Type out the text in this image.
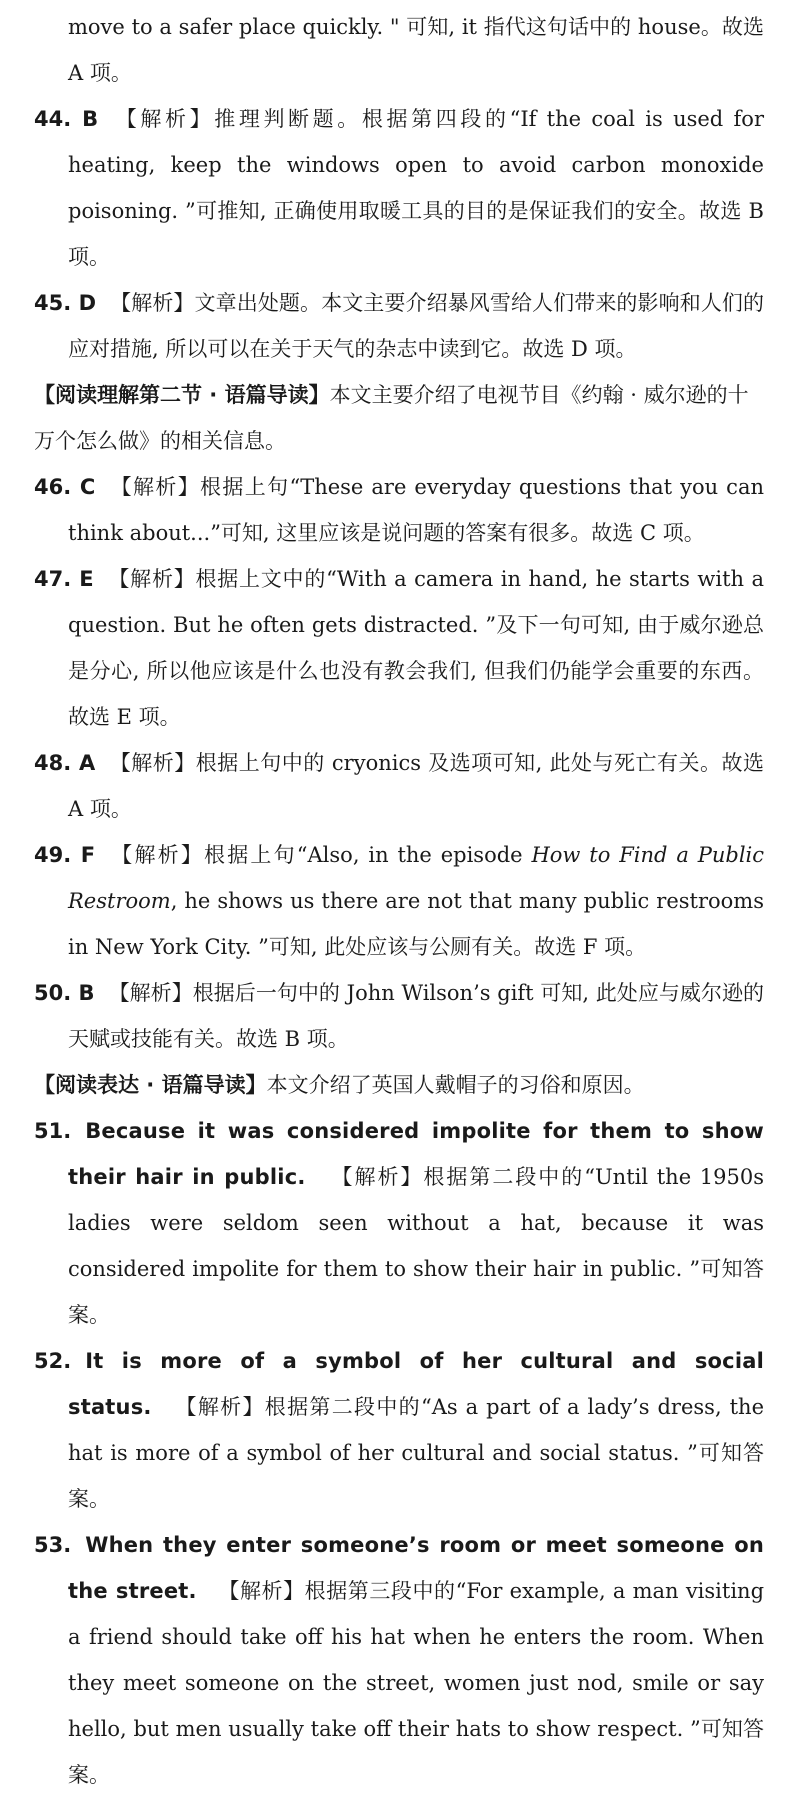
move to a safer place quickly. " 可知, it 指代这句话中的 house。故选 A 项。
44. B 【解析】推理判断题。根据第四段的“If the coal is used for heating, keep the windows open to avoid carbon monoxide poisoning. ”可推知, 正确使用取暖工具的目的是保证我们的安全。故选 B 项。
45. D 【解析】文章出处题。本文主要介绍暴风雪给人们带来的影响和人们的应对措施, 所以可以在关于天气的杂志中读到它。故选 D 项。
【阅读理解第二节 · 语篇导读】本文主要介绍了电视节目《约翰 · 威尔逊的十万个怎么做》的相关信息。
46. C 【解析】根据上句“These are everyday questions that you can think about...”可知, 这里应该是说问题的答案有很多。故选 C 项。
47. E 【解析】根据上文中的“With a camera in hand, he starts with a question. But he often gets distracted. ”及下一句可知, 由于威尔逊总是分心, 所以他应该是什么也没有教会我们, 但我们仍能学会重要的东西。故选 E 项。
48. A 【解析】根据上句中的 cryonics 及选项可知, 此处与死亡有关。故选 A 项。
49. F 【解析】根据上句“Also, in the episode How to Find a Public Restroom, he shows us there are not that many public restrooms in New York City. ”可知, 此处应该与公厕有关。故选 F 项。
50. B 【解析】根据后一句中的 John Wilson’s gift 可知, 此处应与威尔逊的天赋或技能有关。故选 B 项。
【阅读表达 · 语篇导读】本文介绍了英国人戴帽子的习俗和原因。
51. Because it was considered impolite for them to show their hair in public. 【解析】根据第二段中的“Until the 1950s ladies were seldom seen without a hat, because it was considered impolite for them to show their hair in public. ”可知答案。
52. It is more of a symbol of her cultural and social status. 【解析】根据第二段中的“As a part of a lady’s dress, the hat is more of a symbol of her cultural and social status. ”可知答案。
53. When they enter someone’s room or meet someone on the street. 【解析】根据第三段中的“For example, a man visiting a friend should take off his hat when he enters the room. When they meet someone on the street, women just nod, smile or say hello, but men usually take off their hats to show respect. ”可知答案。
